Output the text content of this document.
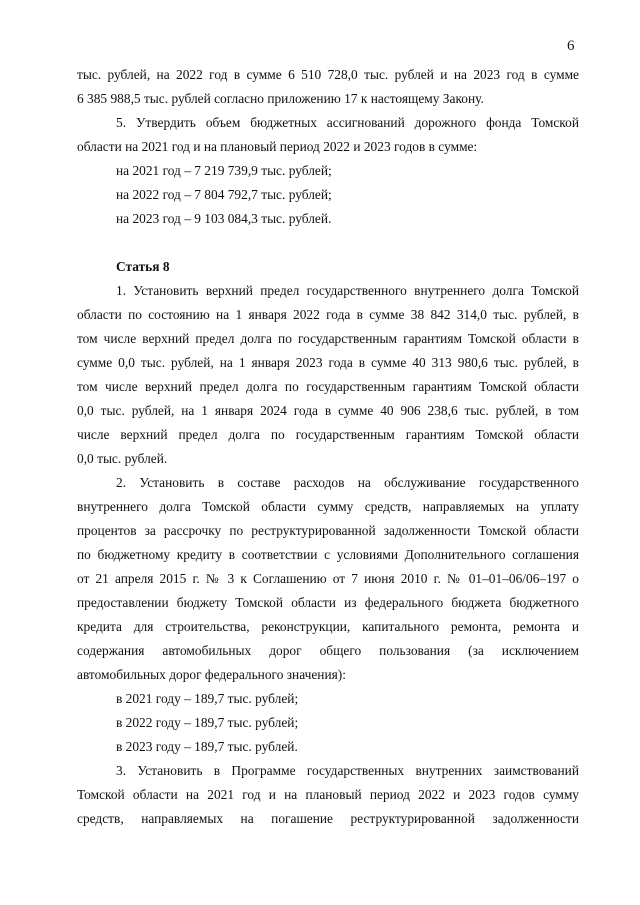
6
тыс. рублей, на 2022 год в сумме 6 510 728,0 тыс. рублей и на 2023 год в сумме
6 385 988,5 тыс. рублей согласно приложению 17 к настоящему Закону.
5. Утвердить объем бюджетных ассигнований дорожного фонда Томской
области на 2021 год и на плановый период 2022 и 2023 годов в сумме:
на 2021 год – 7 219 739,9 тыс. рублей;
на 2022 год – 7 804 792,7 тыс. рублей;
на 2023 год – 9 103 084,3 тыс. рублей.
Статья 8
1. Установить верхний предел государственного внутреннего долга Томской
области по состоянию на 1 января 2022 года в сумме 38 842 314,0 тыс. рублей, в
том числе верхний предел долга по государственным гарантиям Томской области в
сумме 0,0 тыс. рублей, на 1 января 2023 года в сумме 40 313 980,6 тыс. рублей, в
том числе верхний предел долга по государственным гарантиям Томской области
0,0 тыс. рублей, на 1 января 2024 года в сумме 40 906 238,6 тыс. рублей, в том
числе верхний предел долга по государственным гарантиям Томской области
0,0 тыс. рублей.
2. Установить в составе расходов на обслуживание государственного
внутреннего долга Томской области сумму средств, направляемых на уплату
процентов за рассрочку по реструктурированной задолженности Томской области
по бюджетному кредиту в соответствии с условиями Дополнительного соглашения
от 21 апреля 2015 г. № 3 к Соглашению от 7 июня 2010 г. № 01–01–06/06–197 о
предоставлении бюджету Томской области из федерального бюджета бюджетного
кредита для строительства, реконструкции, капитального ремонта, ремонта и
содержания автомобильных дорог общего пользования (за исключением
автомобильных дорог федерального значения):
в 2021 году – 189,7 тыс. рублей;
в 2022 году – 189,7 тыс. рублей;
в 2023 году – 189,7 тыс. рублей.
3. Установить в Программе государственных внутренних заимствований
Томской области на 2021 год и на плановый период 2022 и 2023 годов сумму
средств, направляемых на погашение реструктурированной задолженности
